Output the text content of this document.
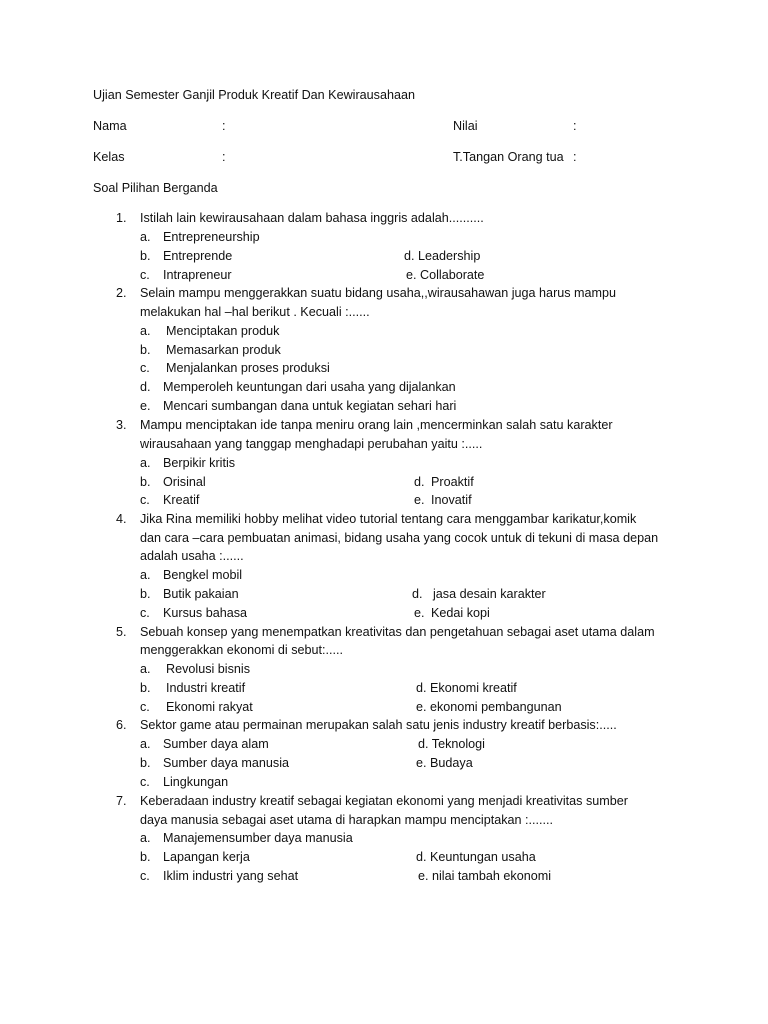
Ujian Semester Ganjil Produk Kreatif Dan Kewirausahaan
Nama	:	Nilai	:
Kelas	:	T.Tangan Orang tua :
Soal Pilihan Berganda
1. Istilah lain kewirausahaan dalam bahasa inggris adalah..........
a. Entrepreneurship
b. Entreprende
c. Intrapreneur
d. Leadership
e. Collaborate
2. Selain mampu menggerakkan suatu bidang usaha,,wirausahawan juga harus mampu
melakukan hal –hal berikut . Kecuali :......
a. Menciptakan produk
b. Memasarkan produk
c. Menjalankan proses produksi
d. Memperoleh keuntungan dari usaha yang dijalankan
e. Mencari sumbangan dana untuk kegiatan sehari hari
3. Mampu menciptakan ide tanpa meniru orang lain ,mencerminkan salah satu karakter
wirausahaan yang tanggap menghadapi perubahan yaitu :.....
a. Berpikir kritis
b. Orisinal
c. Kreatif
d. Proaktif
e. Inovatif
4. Jika Rina memiliki hobby melihat video tutorial tentang cara menggambar karikatur,komik
dan cara –cara pembuatan animasi, bidang usaha yang cocok untuk di tekuni di masa depan
adalah usaha :......
a. Bengkel mobil
b. Butik pakaian
c. Kursus bahasa
d. jasa desain karakter
e. Kedai kopi
5. Sebuah konsep yang menempatkan kreativitas dan pengetahuan sebagai aset utama dalam
menggerakkan ekonomi di sebut:.....
a. Revolusi bisnis
b. Industri kreatif
c. Ekonomi rakyat
d. Ekonomi kreatif
e. ekonomi pembangunan
6. Sektor game atau permainan merupakan salah satu jenis industry kreatif berbasis:.....
a. Sumber daya alam
b. Sumber daya manusia
c. Lingkungan
d. Teknologi
e. Budaya
7. Keberadaan industry kreatif sebagai kegiatan ekonomi yang menjadi kreativitas sumber
daya manusia sebagai aset utama di harapkan mampu menciptakan :.......
a. Manajemensumber daya manusia
b. Lapangan kerja
c. Iklim industri yang sehat
d. Keuntungan usaha
e. nilai tambah ekonomi
